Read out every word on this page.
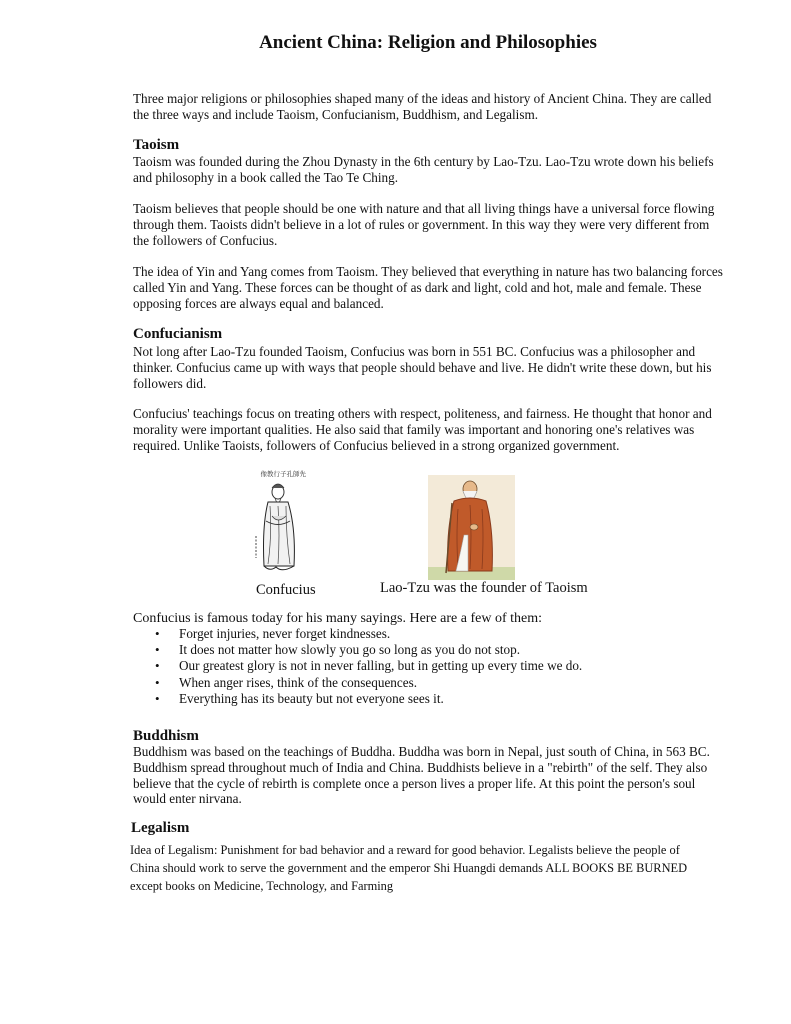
Ancient China: Religion and Philosophies

Three major religions or philosophies shaped many of the ideas and history of Ancient China. They are called the three ways and include Taoism, Confucianism, Buddhism, and Legalism.

Taoism

Taoism was founded during the Zhou Dynasty in the 6th century by Lao-Tzu. Lao-Tzu wrote down his beliefs and philosophy in a book called the Tao Te Ching.

Taoism believes that people should be one with nature and that all living things have a universal force flowing through them. Taoists didn't believe in a lot of rules or government. In this way they were very different from the followers of Confucius.

The idea of Yin and Yang comes from Taoism. They believed that everything in nature has two balancing forces called Yin and Yang. These forces can be thought of as dark and light, cold and hot, male and female. These opposing forces are always equal and balanced.

Confucianism

Not long after Lao-Tzu founded Taoism, Confucius was born in 551 BC. Confucius was a philosopher and thinker. Confucius came up with ways that people should behave and live. He didn't write these down, but his followers did.

Confucius' teachings focus on treating others with respect, politeness, and fairness. He thought that honor and morality were important qualities. He also said that family was important and honoring one's relatives was required. Unlike Taoists, followers of Confucius believed in a strong organized government.

像教行子孔師先

Confucius	Lao-Tzu was the founder of Taoism

Confucius is famous today for his many sayings. Here are a few of them:

• Forget injuries, never forget kindnesses.
• It does not matter how slowly you go so long as you do not stop.
• Our greatest glory is not in never falling, but in getting up every time we do.
• When anger rises, think of the consequences.
• Everything has its beauty but not everyone sees it.
Buddhism

Buddhism was based on the teachings of Buddha. Buddha was born in Nepal, just south of China, in 563 BC. Buddhism spread throughout much of India and China. Buddhists believe in a "rebirth" of the self. They also believe that the cycle of rebirth is complete once a person lives a proper life. At this point the person's soul would enter nirvana.

Legalism

Idea of Legalism: Punishment for bad behavior and a reward for good behavior. Legalists believe the people of

China should work to serve the government and the emperor Shi Huangdi demands ALL BOOKS BE BURNED

except books on Medicine, Technology, and Farming
